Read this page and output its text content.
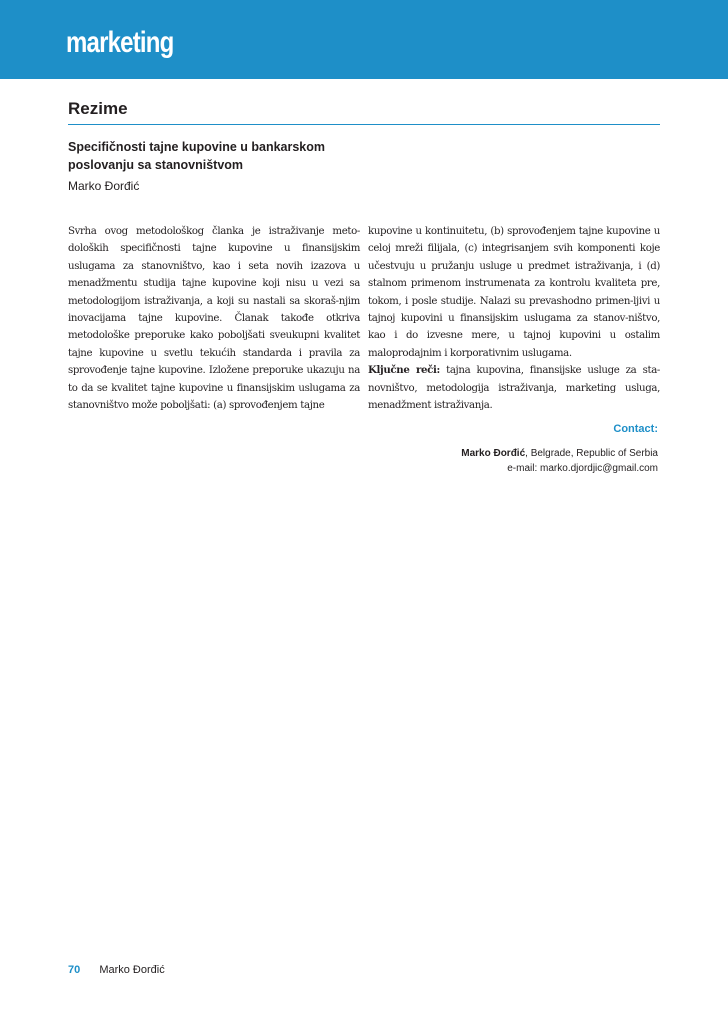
marketing
Rezime
Specifičnosti tajne kupovine u bankarskom poslovanju sa stanovništvom
Marko Đorđić

Svrha ovog metodološkog članka je istraživanje meto-doloških specifičnosti tajne kupovine u finansijskim uslugama za stanovništvo, kao i seta novih izazova u menadžmentu studija tajne kupovine koji nisu u vezi sa metodologijom istraživanja, a koji su nastali sa skoraš-njim inovacijama tajne kupovine. Članak takođe otkriva metodološke preporuke kako poboljšati sveukupni kvalitet tajne kupovine u svetlu tekućih standarda i pravila za sprovođenje tajne kupovine. Izložene preporuke ukazuju na to da se kvalitet tajne kupovine u finansijskim uslugama za stanovništvo može poboljšati: (a) sprovođenjem tajne

kupovine u kontinuitetu, (b) sprovođenjem tajne kupovine u celoj mreži filijala, (c) integrisanjem svih komponenti koje učestvuju u pružanju usluge u predmet istraživanja, i (d) stalnom primenom instrumenata za kontrolu kvaliteta pre, tokom, i posle studije. Nalazi su prevashodno primen-ljivi u tajnoj kupovini u finansijskim uslugama za stanov-ništvo, kao i do izvesne mere, u tajnoj kupovini u ostalim maloprodajnim i korporativnim uslugama.

Ključne reči: tajna kupovina, finansijske usluge za sta-novništvo, metodologija istraživanja, marketing usluga, menadžment istraživanja.

Contact:
Marko Đorđić, Belgrade, Republic of Serbia
e-mail: marko.djordjic@gmail.com
70 Marko Đorđić
